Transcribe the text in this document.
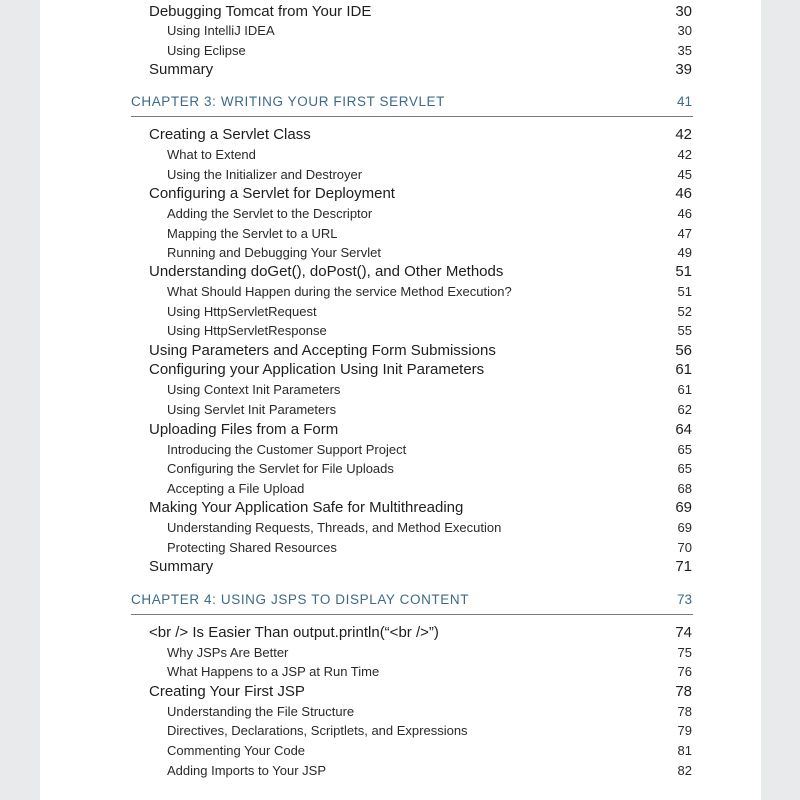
Debugging Tomcat from Your IDE	30
Using IntelliJ IDEA	30
Using Eclipse	35
Summary	39
CHAPTER 3: WRITING YOUR FIRST SERVLET	41
Creating a Servlet Class	42
What to Extend	42
Using the Initializer and Destroyer	45
Configuring a Servlet for Deployment	46
Adding the Servlet to the Descriptor	46
Mapping the Servlet to a URL	47
Running and Debugging Your Servlet	49
Understanding doGet(), doPost(), and Other Methods	51
What Should Happen during the service Method Execution?	51
Using HttpServletRequest	52
Using HttpServletResponse	55
Using Parameters and Accepting Form Submissions	56
Configuring your Application Using Init Parameters	61
Using Context Init Parameters	61
Using Servlet Init Parameters	62
Uploading Files from a Form	64
Introducing the Customer Support Project	65
Configuring the Servlet for File Uploads	65
Accepting a File Upload	68
Making Your Application Safe for Multithreading	69
Understanding Requests, Threads, and Method Execution	69
Protecting Shared Resources	70
Summary	71
CHAPTER 4: USING JSPS TO DISPLAY CONTENT	73
<br /> Is Easier Than output.println(“<br />”)	74
Why JSPs Are Better	75
What Happens to a JSP at Run Time	76
Creating Your First JSP	78
Understanding the File Structure	78
Directives, Declarations, Scriptlets, and Expressions	79
Commenting Your Code	81
Adding Imports to Your JSP	82
